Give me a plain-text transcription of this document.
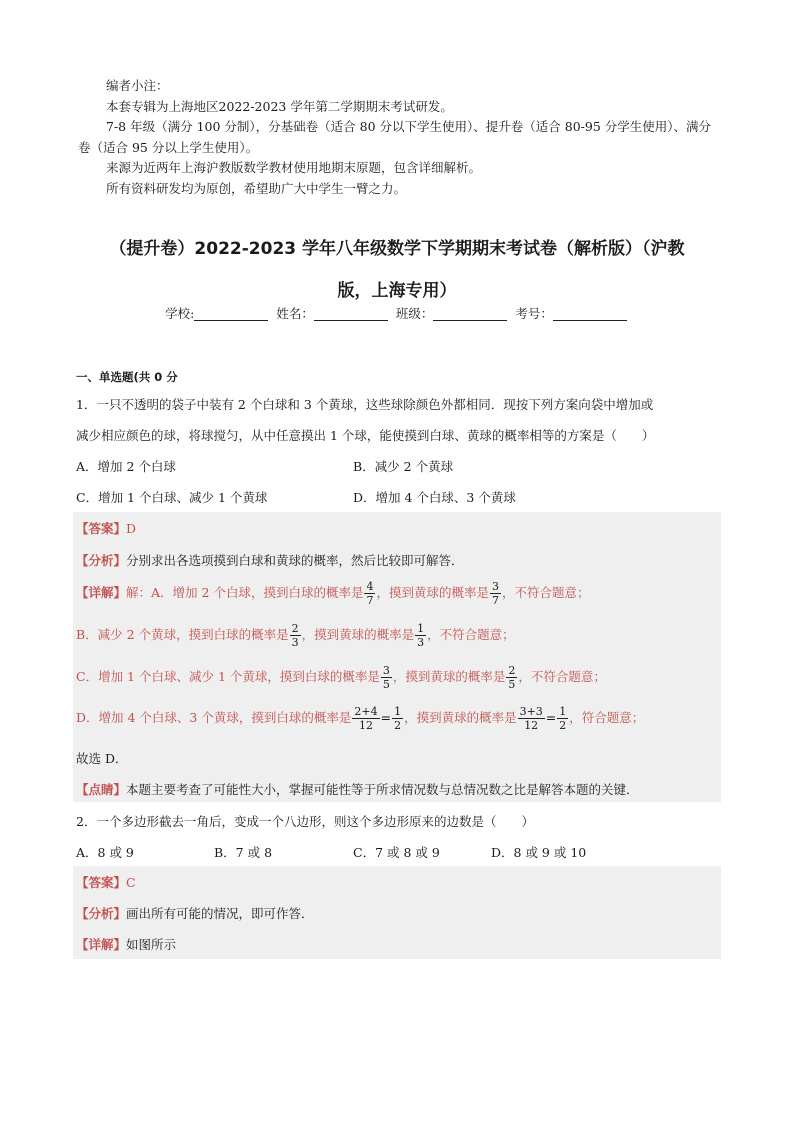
编者小注：

本套专辑为上海地区2022-2023 学年第二学期期末考试研发。

7-8 年级（满分 100 分制），分基础卷（适合 80 分以下学生使用）、提升卷（适合 80-95 分学生使用）、满分卷（适合 95 分以上学生使用）。

来源为近两年上海沪教版数学教材使用地期末原题，包含详细解析。

所有资料研发均为原创，希望助广大中学生一臂之力。

（提升卷）2022-2023 学年八年级数学下学期期末考试卷（解析版）（沪教
版，上海专用）
学校:	姓名：	班级：	考号：
一、单选题(共 0 分
1．一只不透明的袋子中装有 2 个白球和 3 个黄球，这些球除颜色外都相同．现按下列方案向袋中增加或
减少相应颜色的球，将球搅匀，从中任意摸出 1 个球，能使摸到白球、黄球的概率相等的方案是（　　）
A．增加 2 个白球	B．减少 2 个黄球
C．增加 1 个白球、减少 1 个黄球	D．增加 4 个白球、3 个黄球
【答案】D
【分析】分别求出各选项摸到白球和黄球的概率，然后比较即可解答．
【详解】解：A．增加 2 个白球，摸到白球的概率是 $\frac{4}{7}$ ，摸到黄球的概率是 $\frac{3}{7}$ ，不符合题意；
B．减少 2 个黄球，摸到白球的概率是 $\frac{2}{3}$ ，摸到黄球的概率是 $\frac{1}{3}$ ，不符合题意；
C．增加 1 个白球、减少 1 个黄球，摸到白球的概率是 $\frac{3}{5}$ ，摸到黄球的概率是 $\frac{2}{5}$ ，不符合题意；
D．增加 4 个白球、3 个黄球，摸到白球的概率是 $\frac{2+4}{12} = \frac{1}{2}$ ，摸到黄球的概率是 $\frac{3+3}{12} = \frac{1}{2}$ ，符合题意；
故选 D．
【点睛】本题主要考查了可能性大小，掌握可能性等于所求情况数与总情况数之比是解答本题的关键．
2．一个多边形截去一角后，变成一个八边形，则这个多边形原来的边数是（　　）
A．8 或 9	B．7 或 8	C．7 或 8 或 9	D．8 或 9 或 10
【答案】C
【分析】画出所有可能的情况，即可作答．
【详解】如图所示
